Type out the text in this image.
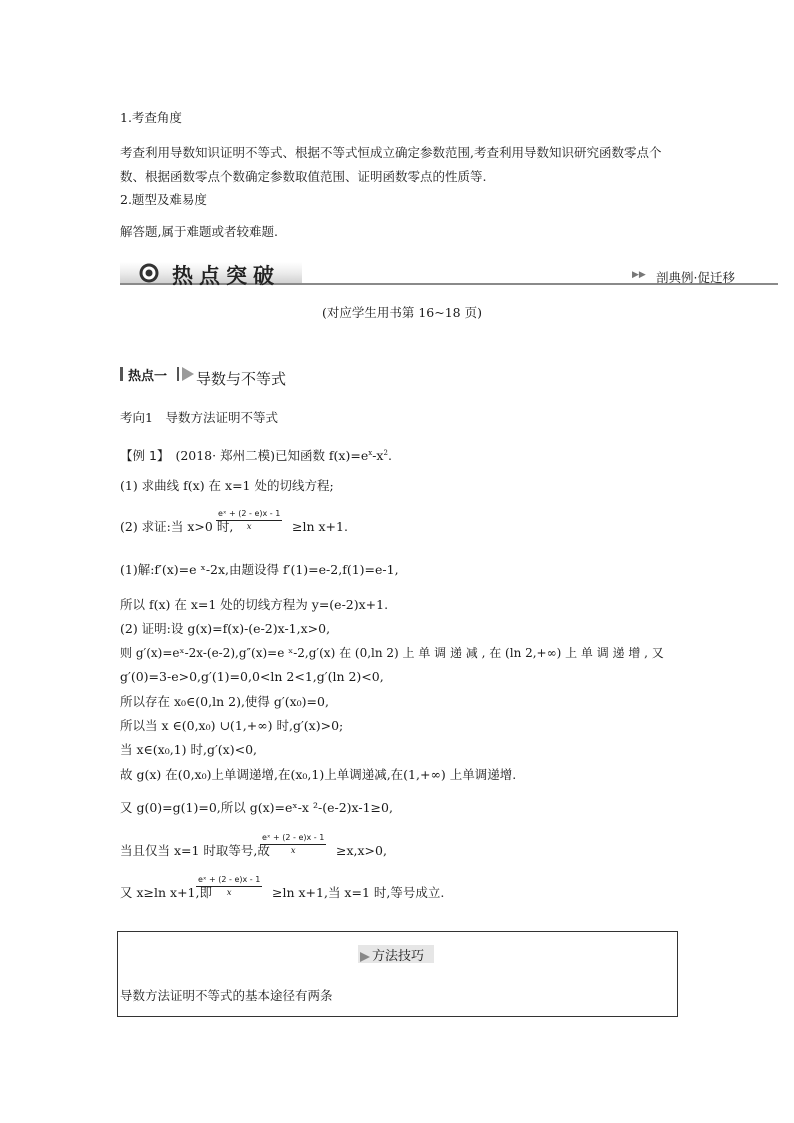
1.考查角度
考查利用导数知识证明不等式、根据不等式恒成立确定参数范围,考查利用导数知识研究函数零点个
数、根据函数零点个数确定参数取值范围、证明函数零点的性质等.
2.题型及难易度
解答题,属于难题或者较难题.
热点突破	▶▶ 剖典例·促迁移
(对应学生用书第 16~18 页)
热点一 导数与不等式
考向1　导数方法证明不等式
【例 1】 (2018· 郑州二模)已知函数 $f(x)=e^x-x^2$.
(1) 求曲线 f(x) 在 x=1 处的切线方程;
(2) 求证:当 x>0 时,
eˣ + (2 - e)x - 1
x	≥ln x+1.
(1)解:f′(x)=e ˣ-2x,由题设得 f′(1)=e-2,f(1)=e-1,
所以 f(x) 在 x=1 处的切线方程为 y=(e-2)x+1.
(2) 证明:设 g(x)=f(x)-(e-2)x-1,x>0,
则 g′(x)=eˣ-2x-(e-2),g″(x)=e ˣ-2,g′(x) 在 (0,ln 2) 上 单 调 递 减 , 在 (ln 2,+∞) 上 单 调 递 增 , 又
g′(0)=3-e>0,g′(1)=0,0<ln 2<1,g′(ln 2)<0,
所以存在 x₀∈(0,ln 2),使得 g′(x₀)=0,
所以当 x ∈(0,x₀) ∪(1,+∞) 时,g′(x)>0;
当 x∈(x₀,1) 时,g′(x)<0,
故 g(x) 在(0,x₀)上单调递增,在(x₀,1)上单调递减,在(1,+∞) 上单调递增.
又 g(0)=g(1)=0,所以 g(x)=eˣ-x ²-(e-2)x-1≥0,
当且仅当 x=1 时取等号,故
eˣ + (2 - e)x - 1
x	≥x,x>0,
又 x≥ln x+1,即
eˣ + (2 - e)x - 1
x	≥ln x+1,当 x=1 时,等号成立.
方法技巧
导数方法证明不等式的基本途径有两条
